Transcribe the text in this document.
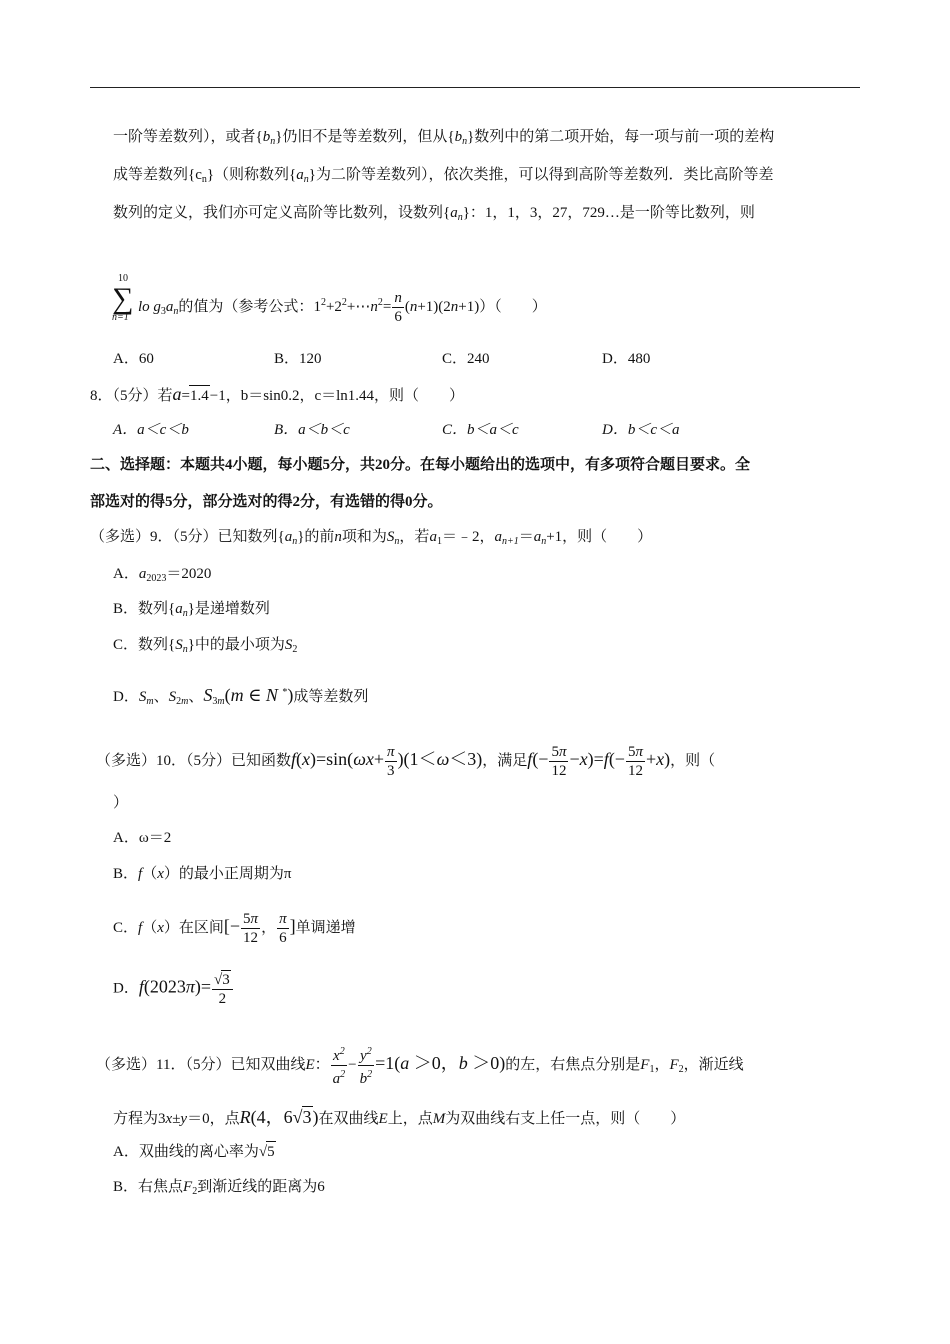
一阶等差数列），或者$\{b_n\}$仍旧不是等差数列，但从$\{b_n\}$数列中的第二项开始，每一项与前一项的差构
成等差数列$\{c_n\}$（则称数列$\{a_n\}$为二阶等差数列），依次类推，可以得到高阶等差数列．类比高阶等差
数列的定义，我们亦可定义高阶等比数列，设数列$\{a_n\}$：1，1，3，27，729…是一阶等比数列，则
10
∑
n=1
lo $g_3a_n$的值为（参考公式：$1^2+2^2+\cdots n^2= \frac{n}{6} (n+1)(2n+1)$）（　　）
A．60	B．120	C．240	D．480
8．（5分）若a=1.4−1，b＝sin0.2，c＝ln1.44，则（　　）
A．a＜c＜b	B．a＜b＜c	C．b＜a＜c	D．b＜c＜a
二、选择题：本题共4小题，每小题5分，共20分。在每小题给出的选项中，有多项符合题目要求。全
部选对的得5分，部分选对的得2分，有选错的得0分。
（多选）9．（5分）已知数列$\{a_n\}$的前n项和为$S_n$，若$a_1=﹣2$，$a_{n+1}=a_n+1$，则（　　）
A．$a_{2023}=2020$
B．数列$\{a_n\}$是递增数列
C．数列$\{S_n\}$中的最小项为$S_2$
D．$S_m$、$S_{2m}$、$S_{3m}(m$ ∈ N *)成等差数列
（多选）10．（5分）已知函数$f(x)=\sin(\omega x+ \frac{\pi}{3} )(1<\omega<3)$，满足$f(- \frac{5\pi}{12} -x)=f(- \frac{5\pi}{12} +x)$，则（
）
A．ω＝2
B．f（x）的最小正周期为π
C．f（x）在区间[− $\frac{5\pi}{12}$ ， $\frac{\pi}{6}$ ]单调递增
D．$f(2023\pi)= \frac{√3}{2}$
（多选）11．（5分）已知双曲线E： $\frac{x^2}{a^2} - \frac{y^2}{b^2} =1(a >0$，b ＞0)的左，右焦点分别是$F_1$，$F_2$，渐近线
方程为3x±y＝0，点R(4，6√3)在双曲线E上，点M为双曲线右支上任一点，则（　　）
A．双曲线的离心率为√5
B．右焦点$F_2$到渐近线的距离为6
